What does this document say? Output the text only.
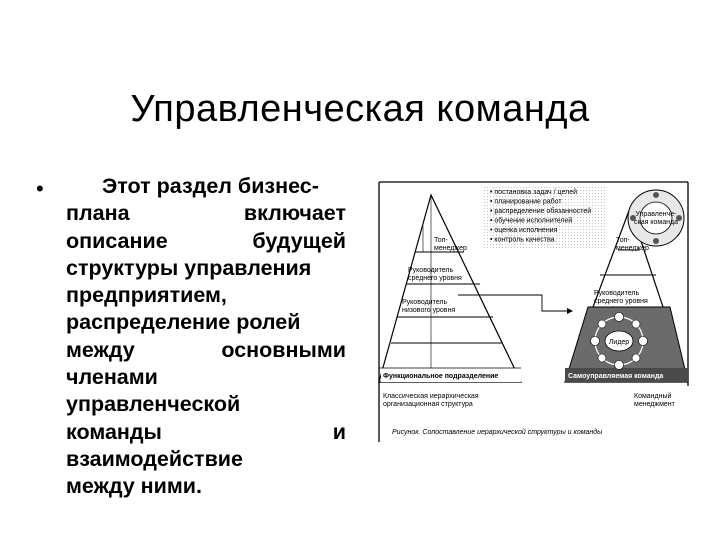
Управленческая команда
•	Этот раздел бизнес-
плана	включает
описание	будущей
структуры управления
предприятием,
распределение ролей
между	основными
членами
управленческой
команды	и
взаимодействие
между ними.
Топ-менеджер
Руководитель среднего уровня
Руководитель низового уровня
Функциональное подразделение
Топ-менеджер
Руководитель среднего уровня
Самоуправляемая команда
Лидер
• постановка задач / целей
• планирование работ
• распределение обязанностей
• обучение исполнителей
• оценка исполнения
• контроль качества
Управленче-ская команда
Классическая иерархическая организационная структура
Командный менеджмент
Рисунок. Сопоставление иерархической структуры и команды
